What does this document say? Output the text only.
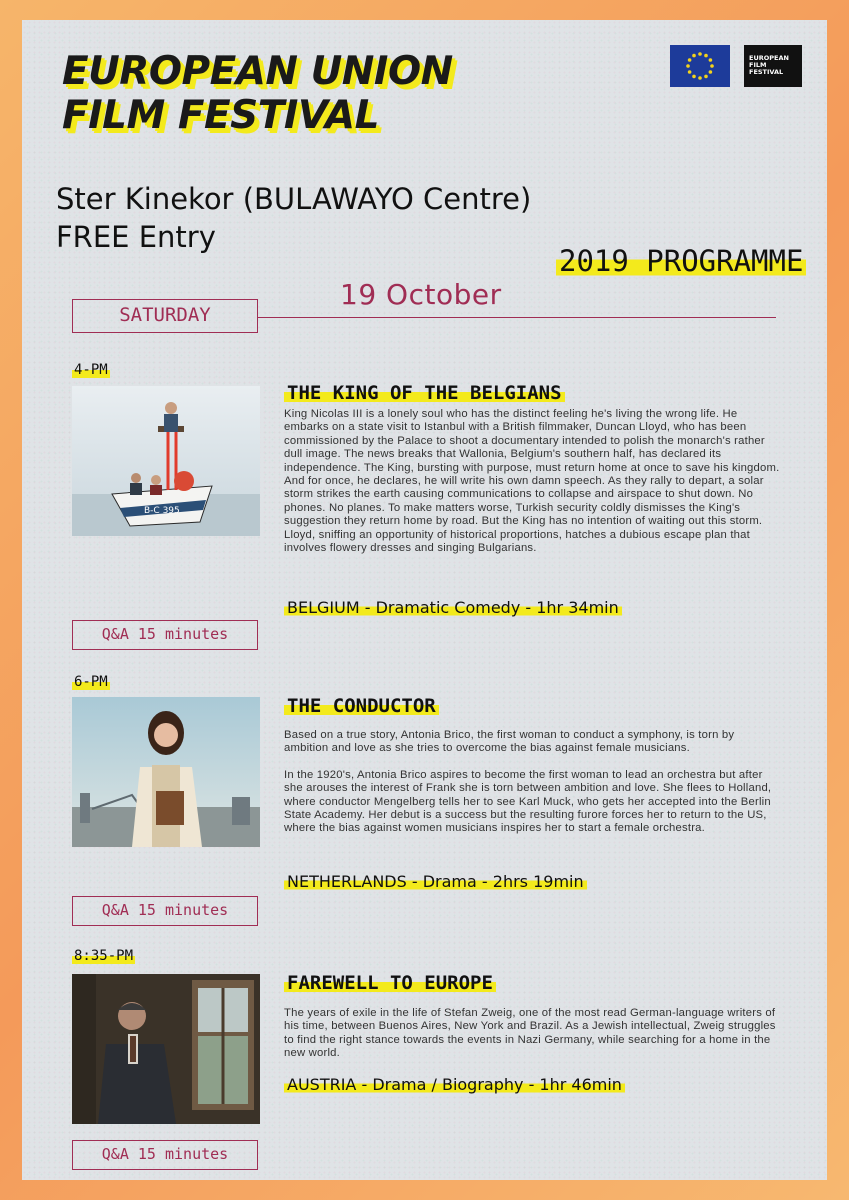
EUROPEAN UNION
FILM FESTIVAL
EUROPEAN
FILM
FESTIVAL
Ster Kinekor (BULAWAYO Centre)
FREE Entry
2019 PROGRAMME
19 October
SATURDAY
4-PM
B-C 395
THE KING OF THE BELGIANS

King Nicolas III is a lonely soul who has the distinct feeling he's living the wrong life. He embarks on a state visit to Istanbul with a British filmmaker, Duncan Lloyd, who has been commissioned by the Palace to shoot a documentary intended to polish the monarch's rather dull image. The news breaks that Wallonia, Belgium's southern half, has declared its independence. The King, bursting with purpose, must return home at once to save his kingdom. And for once, he declares, he will write his own damn speech. As they rally to depart, a solar storm strikes the earth causing communications to collapse and airspace to shut down. No phones. No planes. To make matters worse, Turkish security coldly dismisses the King's suggestion they return home by road. But the King has no intention of waiting out this storm. Lloyd, sniffing an opportunity of historical proportions, hatches a dubious escape plan that involves flowery dresses and singing Bulgarians.

BELGIUM - Dramatic Comedy - 1hr 34min
Q&A 15 minutes
6-PM
THE CONDUCTOR

Based on a true story, Antonia Brico, the first woman to conduct a symphony, is torn by ambition and love as she tries to overcome the bias against female musicians.

In the 1920's, Antonia Brico aspires to become the first woman to lead an orchestra but after she arouses the interest of Frank she is torn between ambition and love. She flees to Holland, where conductor Mengelberg tells her to see Karl Muck, who gets her accepted into the Berlin State Academy. Her debut is a success but the resulting furore forces her to return to the US, where the bias against women musicians inspires her to start a female orchestra.

NETHERLANDS - Drama - 2hrs 19min
Q&A 15 minutes
8:35-PM
FAREWELL TO EUROPE

The years of exile in the life of Stefan Zweig, one of the most read German-language writers of his time, between Buenos Aires, New York and Brazil. As a Jewish intellectual, Zweig struggles to find the right stance towards the events in Nazi Germany, while searching for a home in the new world.

AUSTRIA - Drama / Biography - 1hr 46min
Q&A 15 minutes
